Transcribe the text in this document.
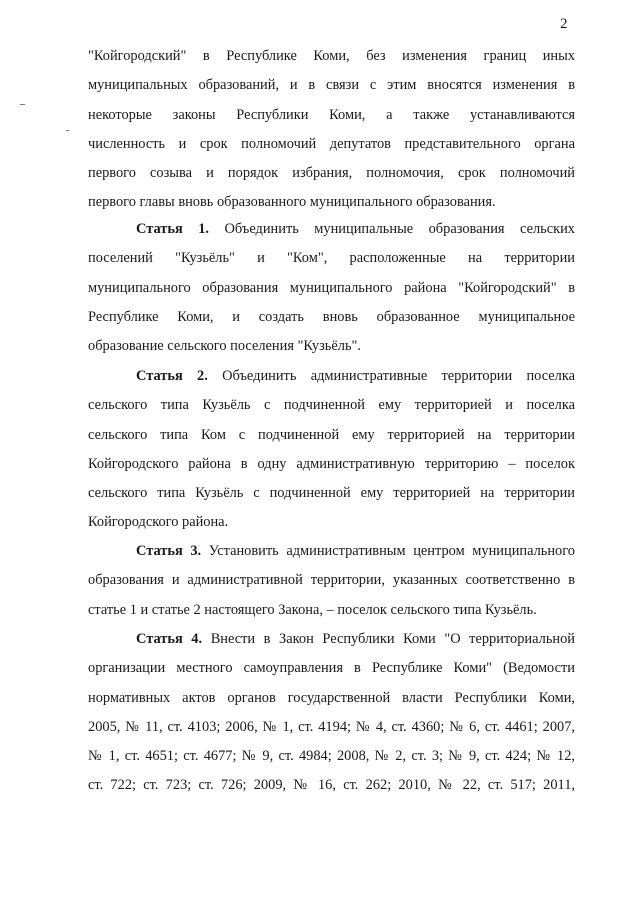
2
"Койгородский" в Республике Коми, без изменения границ иных
муниципальных образований, и в связи с этим вносятся изменения в
некоторые законы Республики Коми, а также устанавливаются
численность и срок полномочий депутатов представительного органа
первого созыва и порядок избрания, полномочия, срок полномочий
первого главы вновь образованного муниципального образования.
Статья 1. Объединить муниципальные образования сельских
поселений "Кузьёль" и "Ком", расположенные на территории
муниципального образования муниципального района "Койгородский" в
Республике Коми, и создать вновь образованное муниципальное
образование сельского поселения "Кузьёль".
Статья 2. Объединить административные территории поселка
сельского типа Кузьёль с подчиненной ему территорией и поселка
сельского типа Ком с подчиненной ему территорией на территории
Койгородского района в одну административную территорию – поселок
сельского типа Кузьёль с подчиненной ему территорией на территории
Койгородского района.
Статья 3. Установить административным центром муниципального
образования и административной территории, указанных соответственно в
статье 1 и статье 2 настоящего Закона, – поселок сельского типа Кузьёль.
Статья 4. Внести в Закон Республики Коми "О территориальной
организации местного самоуправления в Республике Коми" (Ведомости
нормативных актов органов государственной власти Республики Коми,
2005, № 11, ст. 4103; 2006, № 1, ст. 4194; № 4, ст. 4360; № 6, ст. 4461; 2007,
№ 1, ст. 4651; ст. 4677; № 9, ст. 4984; 2008, № 2, ст. 3; № 9, ст. 424; № 12,
ст. 722; ст. 723; ст. 726; 2009, № 16, ст. 262; 2010, № 22, ст. 517; 2011,
